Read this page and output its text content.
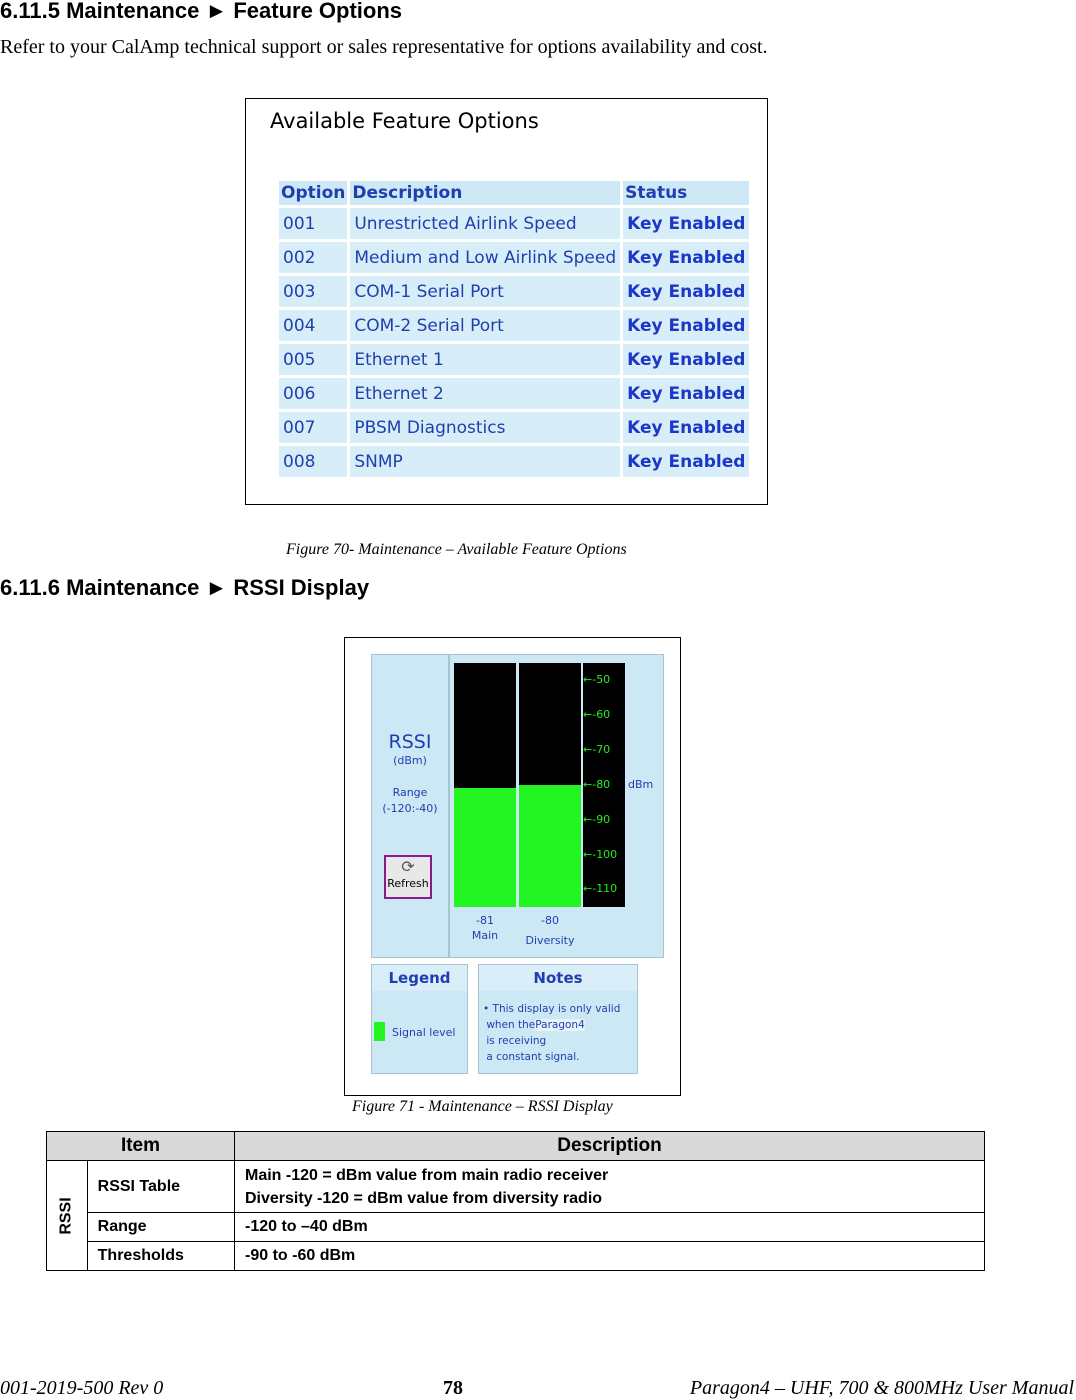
6.11.5 Maintenance ► Feature Options
Refer to your CalAmp technical support or sales representative for options availability and cost.
Available Feature Options
Option	Description	Status
001	Unrestricted Airlink Speed	Key Enabled
002	Medium and Low Airlink Speed	Key Enabled
003	COM-1 Serial Port	Key Enabled
004	COM-2 Serial Port	Key Enabled
005	Ethernet 1	Key Enabled
006	Ethernet 2	Key Enabled
007	PBSM Diagnostics	Key Enabled
008	SNMP	Key Enabled
Figure 70- Maintenance – Available Feature Options
6.11.6 Maintenance ► RSSI Display
RSSI
(dBm)
Range
(-120:-40)
⟳
Refresh
←-50
←-60
←-70
←-80
←-90
←-100
←-110
dBm
-81
Main
-80
Diversity
Legend
Signal level
Notes
• This display is only valid
when theParagon4
is receiving
a constant signal.
Figure 71 - Maintenance – RSSI Display
Item		Description
RSSI	RSSI Table	Main -120 = dBm value from main radio receiver
Diversity -120 = dBm value from diversity radio

	Range	-120 to –40 dBm
	Thresholds	-90 to -60 dBm
001-2019-500 Rev 0	78	Paragon4 – UHF, 700 & 800MHz User Manual
